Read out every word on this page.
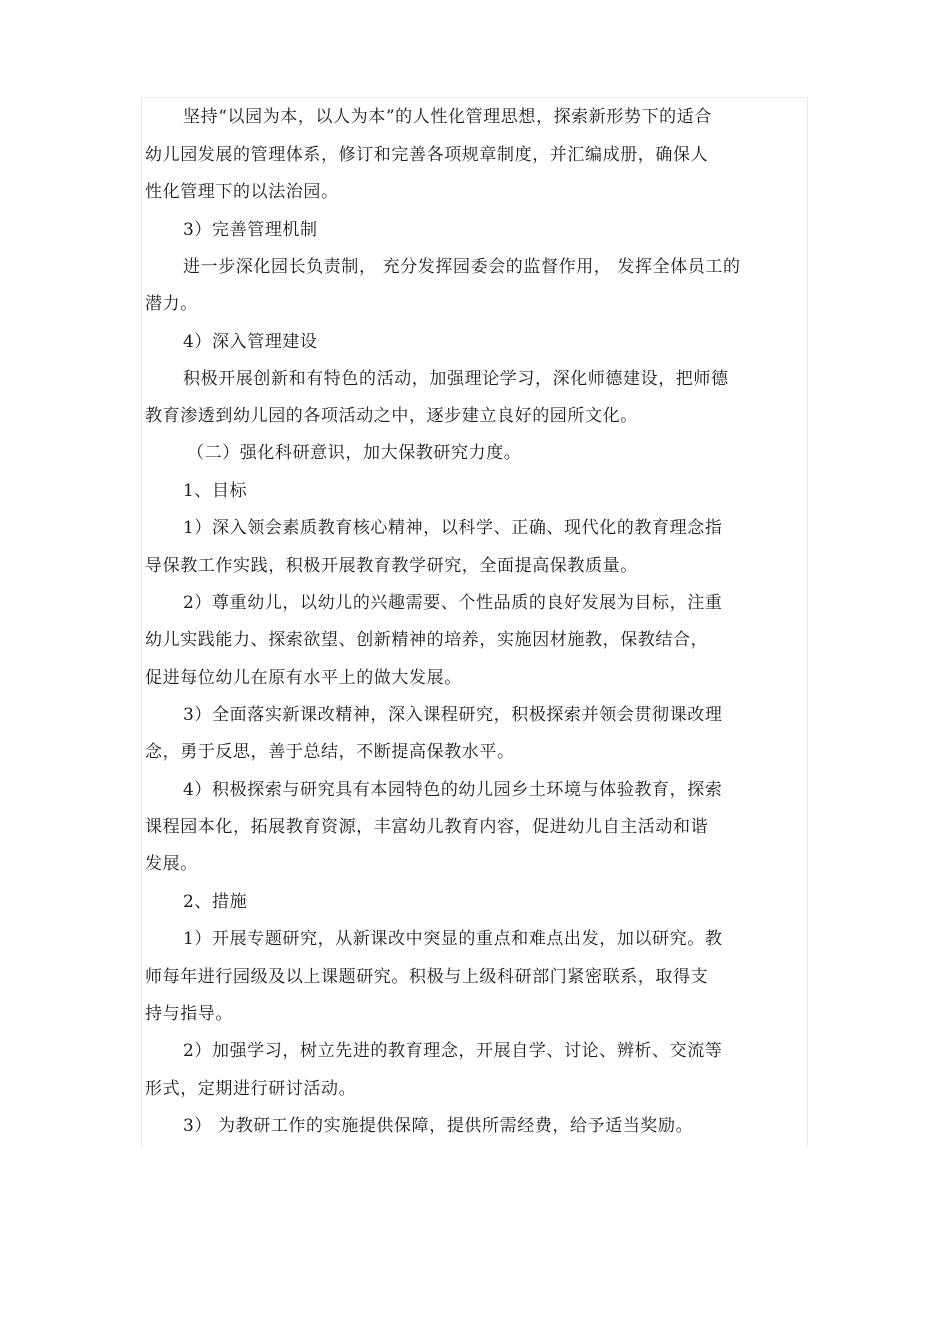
坚持“以园为本，以人为本”的人性化管理思想，探索新形势下的适合

幼儿园发展的管理体系，修订和完善各项规章制度，并汇编成册，确保人

性化管理下的以法治园。

3）完善管理机制

进一步深化园长负责制， 充分发挥园委会的监督作用， 发挥全体员工的

潜力。

4）深入管理建设

积极开展创新和有特色的活动，加强理论学习，深化师德建设，把师德

教育渗透到幼儿园的各项活动之中，逐步建立良好的园所文化。

（二）强化科研意识，加大保教研究力度。

1、目标

1）深入领会素质教育核心精神，以科学、正确、现代化的教育理念指

导保教工作实践，积极开展教育教学研究，全面提高保教质量。

2）尊重幼儿，以幼儿的兴趣需要、个性品质的良好发展为目标，注重

幼儿实践能力、探索欲望、创新精神的培养，实施因材施教，保教结合，

促进每位幼儿在原有水平上的做大发展。

3）全面落实新课改精神，深入课程研究，积极探索并领会贯彻课改理

念，勇于反思，善于总结，不断提高保教水平。

4）积极探索与研究具有本园特色的幼儿园乡土环境与体验教育，探索

课程园本化，拓展教育资源，丰富幼儿教育内容，促进幼儿自主活动和谐

发展。

2、措施

1）开展专题研究，从新课改中突显的重点和难点出发，加以研究。教

师每年进行园级及以上课题研究。积极与上级科研部门紧密联系，取得支

持与指导。

2）加强学习，树立先进的教育理念，开展自学、讨论、辨析、交流等

形式，定期进行研讨活动。

3） 为教研工作的实施提供保障，提供所需经费，给予适当奖励。
